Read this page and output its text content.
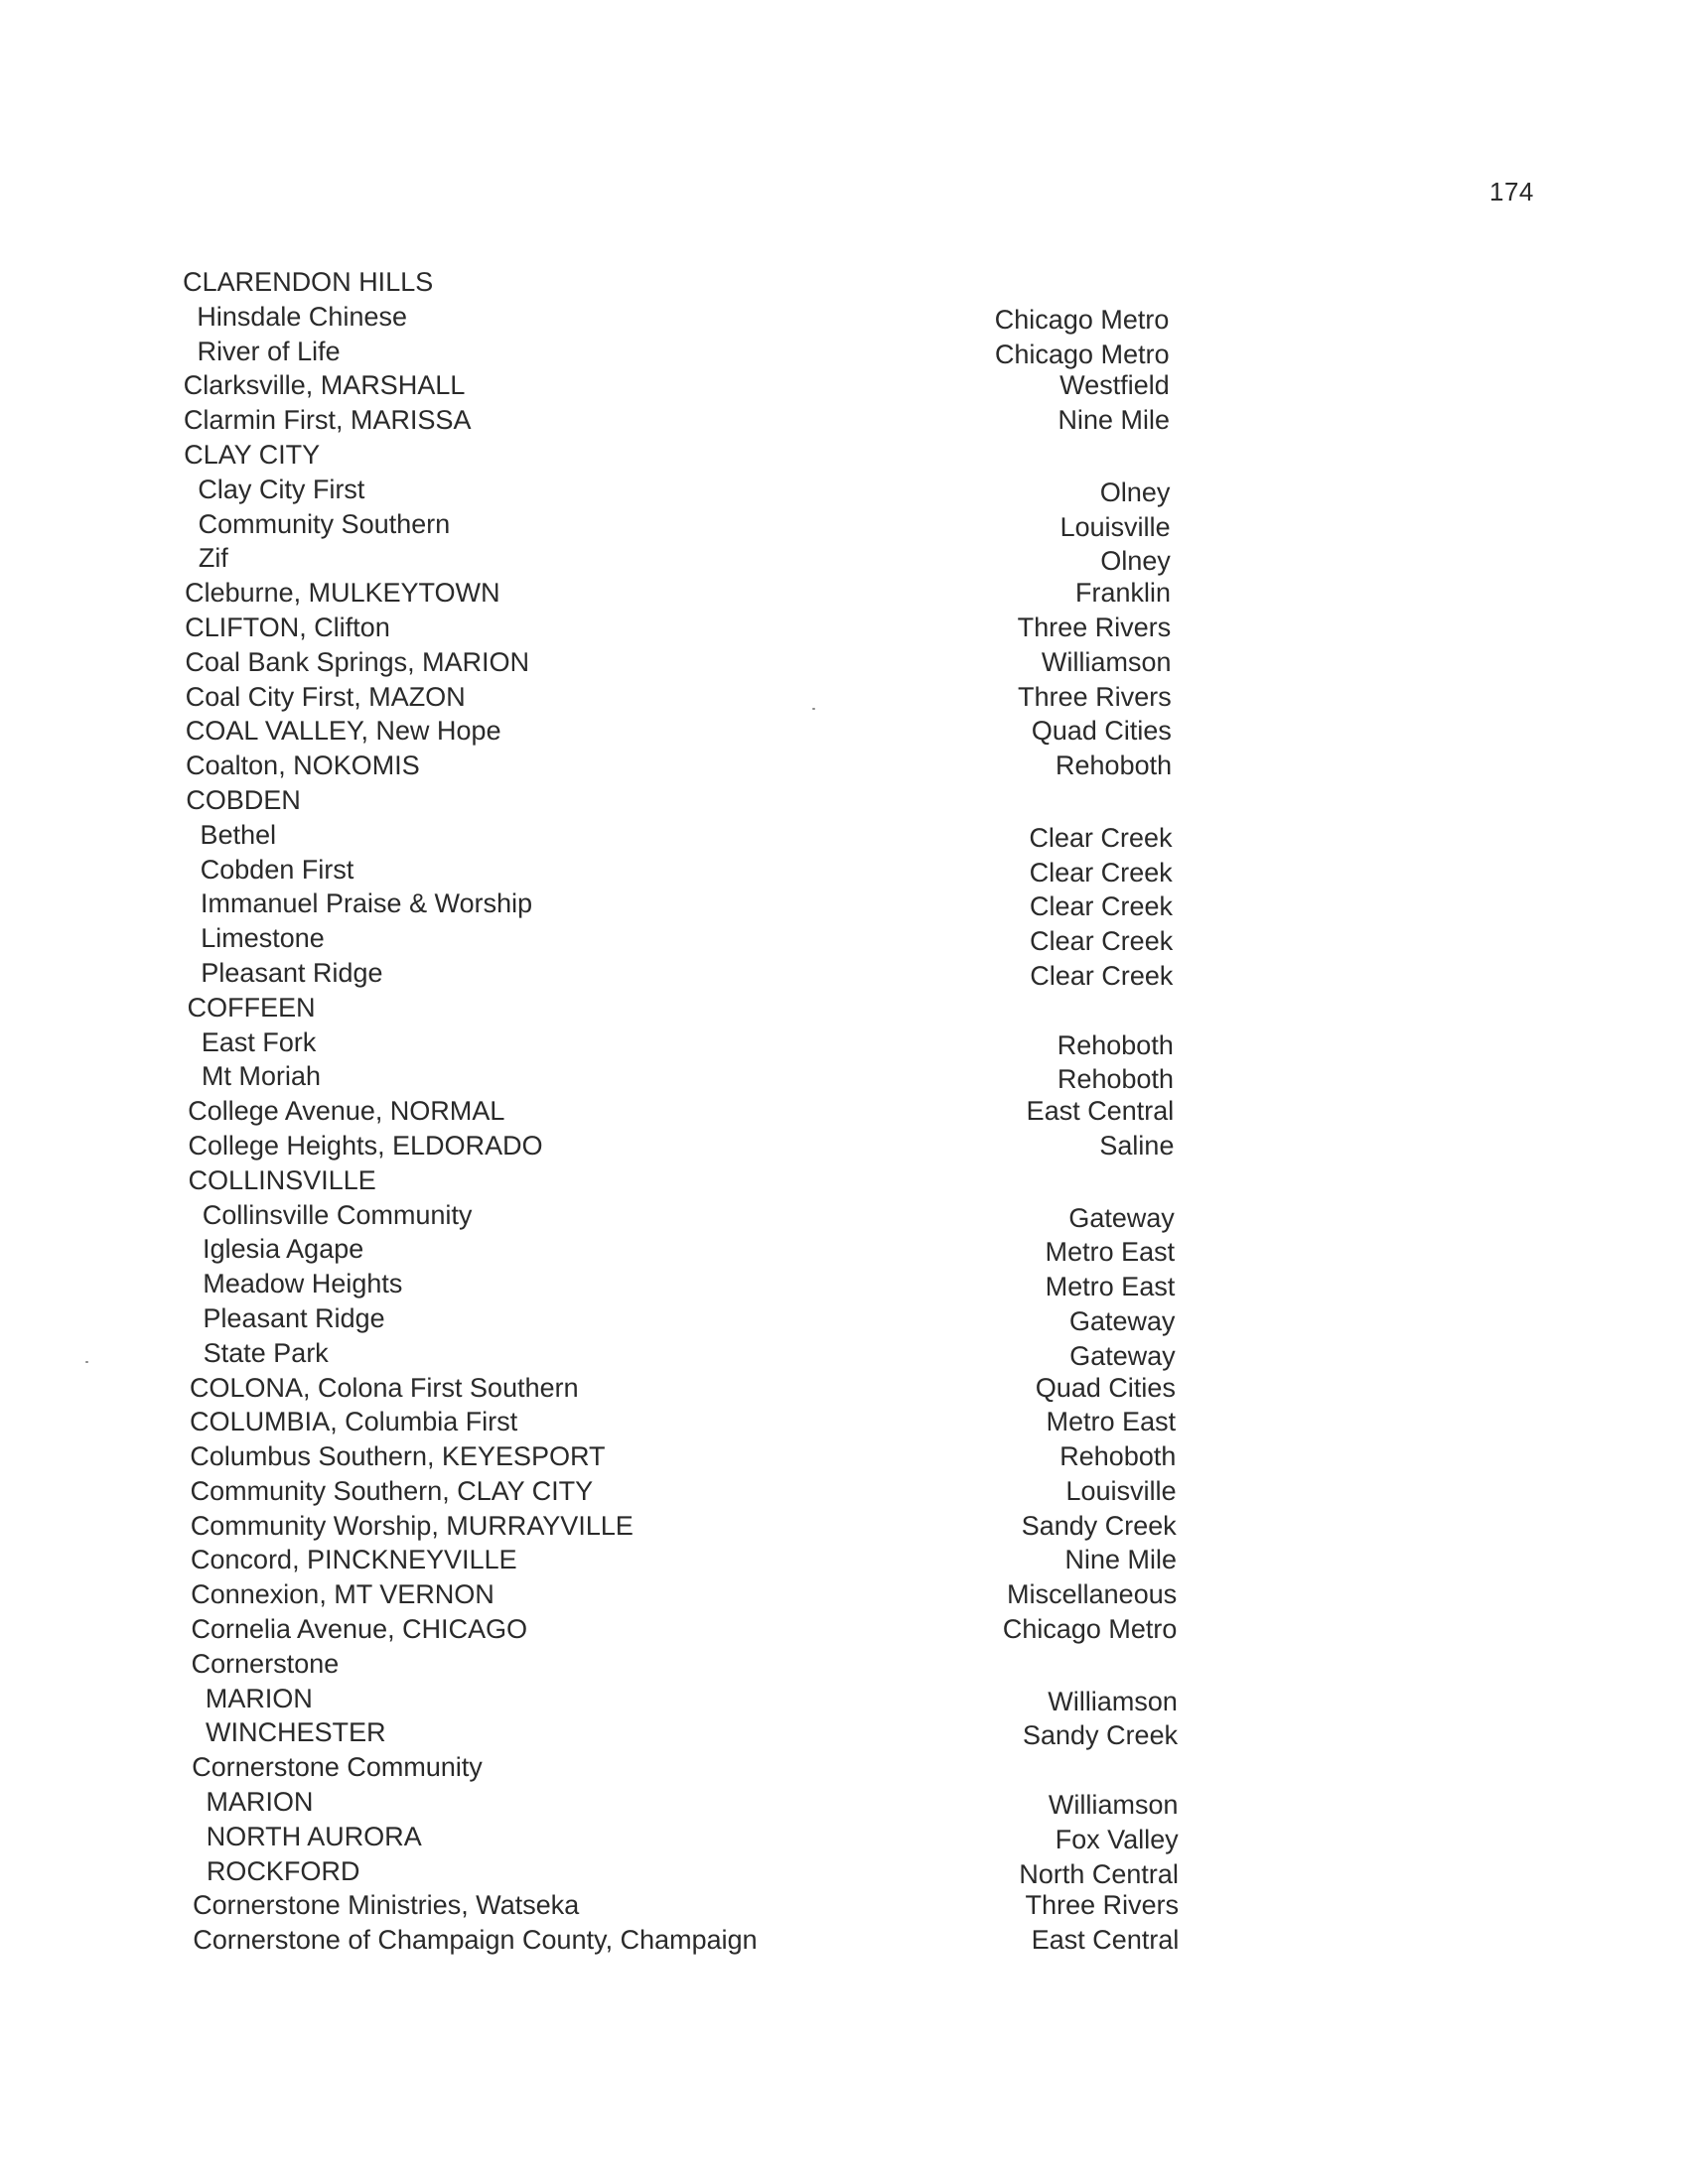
174
CLARENDON HILLS
Hinsdale Chinese	Chicago Metro
River of Life	Chicago Metro
Clarksville, MARSHALL	Westfield
Clarmin First, MARISSA	Nine Mile
CLAY CITY
Clay City First	Olney
Community Southern	Louisville
Zif	Olney
Cleburne, MULKEYTOWN	Franklin
CLIFTON, Clifton	Three Rivers
Coal Bank Springs, MARION	Williamson
Coal City First, MAZON	Three Rivers
COAL VALLEY, New Hope	Quad Cities
Coalton, NOKOMIS	Rehoboth
COBDEN
Bethel	Clear Creek
Cobden First	Clear Creek
Immanuel Praise & Worship	Clear Creek
Limestone	Clear Creek
Pleasant Ridge	Clear Creek
COFFEEN
East Fork	Rehoboth
Mt Moriah	Rehoboth
College Avenue, NORMAL	East Central
College Heights, ELDORADO	Saline
COLLINSVILLE
Collinsville Community	Gateway
Iglesia Agape	Metro East
Meadow Heights	Metro East
Pleasant Ridge	Gateway
State Park	Gateway
COLONA, Colona First Southern	Quad Cities
COLUMBIA, Columbia First	Metro East
Columbus Southern, KEYESPORT	Rehoboth
Community Southern, CLAY CITY	Louisville
Community Worship, MURRAYVILLE	Sandy Creek
Concord, PINCKNEYVILLE	Nine Mile
Connexion, MT VERNON	Miscellaneous
Cornelia Avenue, CHICAGO	Chicago Metro
Cornerstone
MARION	Williamson
WINCHESTER	Sandy Creek
Cornerstone Community
MARION	Williamson
NORTH AURORA	Fox Valley
ROCKFORD	North Central
Cornerstone Ministries, Watseka	Three Rivers
Cornerstone of Champaign County, Champaign	East Central
